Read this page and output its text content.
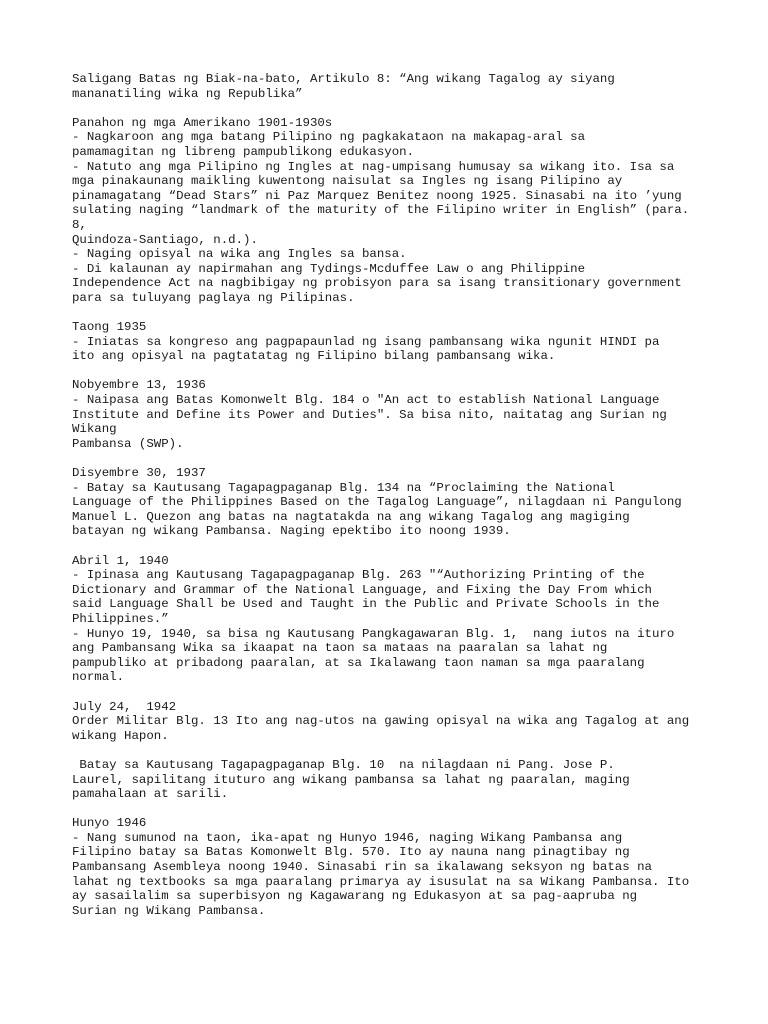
Saligang Batas ng Biak-na-bato, Artikulo 8: “Ang wikang Tagalog ay siyang
mananatiling wika ng Republika”
Panahon ng mga Amerikano 1901-1930s
- Nagkaroon ang mga batang Pilipino ng pagkakataon na makapag-aral sa
pamamagitan ng libreng pampublikong edukasyon.
- Natuto ang mga Pilipino ng Ingles at nag-umpisang humusay sa wikang ito. Isa sa
mga pinakaunang maikling kuwentong naisulat sa Ingles ng isang Pilipino ay
pinamagatang “Dead Stars” ni Paz Marquez Benitez noong 1925. Sinasabi na ito ’yung
sulating naging “landmark of the maturity of the Filipino writer in English” (para.
8,
Quindoza-Santiago, n.d.).
- Naging opisyal na wika ang Ingles sa bansa.
- Di kalaunan ay napirmahan ang Tydings-Mcduffee Law o ang Philippine
Independence Act na nagbibigay ng probisyon para sa isang transitionary government
para sa tuluyang paglaya ng Pilipinas.
Taong 1935
- Iniatas sa kongreso ang pagpapaunlad ng isang pambansang wika ngunit HINDI pa
ito ang opisyal na pagtatatag ng Filipino bilang pambansang wika.
Nobyembre 13, 1936
- Naipasa ang Batas Komonwelt Blg. 184 o "An act to establish National Language
Institute and Define its Power and Duties". Sa bisa nito, naitatag ang Surian ng
Wikang
Pambansa (SWP).
Disyembre 30, 1937
- Batay sa Kautusang Tagapagpaganap Blg. 134 na “Proclaiming the National
Language of the Philippines Based on the Tagalog Language”, nilagdaan ni Pangulong
Manuel L. Quezon ang batas na nagtatakda na ang wikang Tagalog ang magiging
batayan ng wikang Pambansa. Naging epektibo ito noong 1939.
Abril 1, 1940
- Ipinasa ang Kautusang Tagapagpaganap Blg. 263 "“Authorizing Printing of the
Dictionary and Grammar of the National Language, and Fixing the Day From which
said Language Shall be Used and Taught in the Public and Private Schools in the
Philippines.”
- Hunyo 19, 1940, sa bisa ng Kautusang Pangkagawaran Blg. 1,  nang iutos na ituro
ang Pambansang Wika sa ikaapat na taon sa mataas na paaralan sa lahat ng
pampubliko at pribadong paaralan, at sa Ikalawang taon naman sa mga paaralang
normal.
July 24,  1942
Order Militar Blg. 13 Ito ang nag-utos na gawing opisyal na wika ang Tagalog at ang
wikang Hapon.
Batay sa Kautusang Tagapagpaganap Blg. 10  na nilagdaan ni Pang. Jose P.
Laurel, sapilitang ituturo ang wikang pambansa sa lahat ng paaralan, maging
pamahalaan at sarili.
Hunyo 1946
- Nang sumunod na taon, ika-apat ng Hunyo 1946, naging Wikang Pambansa ang
Filipino batay sa Batas Komonwelt Blg. 570. Ito ay nauna nang pinagtibay ng
Pambansang Asembleya noong 1940. Sinasabi rin sa ikalawang seksyon ng batas na
lahat ng textbooks sa mga paaralang primarya ay isusulat na sa Wikang Pambansa. Ito
ay sasailalim sa superbisyon ng Kagawarang ng Edukasyon at sa pag-aapruba ng
Surian ng Wikang Pambansa.
